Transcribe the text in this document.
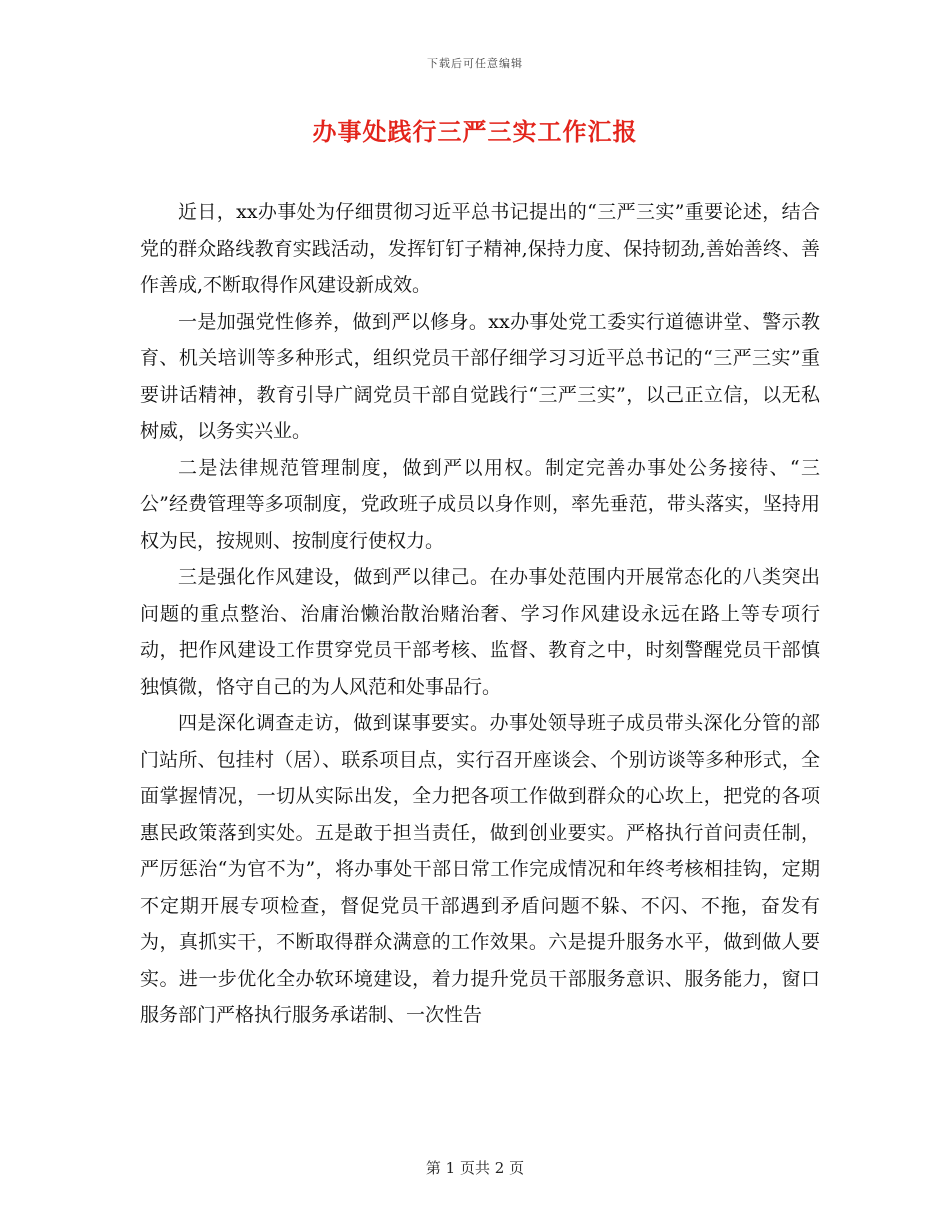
下载后可任意编辑
办事处践行三严三实工作汇报

近日，xx办事处为仔细贯彻习近平总书记提出的“三严三实”重要论述，结合党的群众路线教育实践活动，发挥钉钉子精神,保持力度、保持韧劲,善始善终、善作善成,不断取得作风建设新成效。

一是加强党性修养，做到严以修身。xx办事处党工委实行道德讲堂、警示教育、机关培训等多种形式，组织党员干部仔细学习习近平总书记的“三严三实”重要讲话精神，教育引导广阔党员干部自觉践行“三严三实”，以己正立信，以无私树威，以务实兴业。

二是法律规范管理制度，做到严以用权。制定完善办事处公务接待、“三公”经费管理等多项制度，党政班子成员以身作则，率先垂范，带头落实，坚持用权为民，按规则、按制度行使权力。

三是强化作风建设，做到严以律己。在办事处范围内开展常态化的八类突出问题的重点整治、治庸治懒治散治赌治奢、学习作风建设永远在路上等专项行动，把作风建设工作贯穿党员干部考核、监督、教育之中，时刻警醒党员干部慎独慎微，恪守自己的为人风范和处事品行。

四是深化调查走访，做到谋事要实。办事处领导班子成员带头深化分管的部门站所、包挂村（居）、联系项目点，实行召开座谈会、个别访谈等多种形式，全面掌握情况，一切从实际出发，全力把各项工作做到群众的心坎上，把党的各项惠民政策落到实处。五是敢于担当责任，做到创业要实。严格执行首问责任制，严厉惩治“为官不为”，将办事处干部日常工作完成情况和年终考核相挂钩，定期不定期开展专项检查，督促党员干部遇到矛盾问题不躲、不闪、不拖，奋发有为，真抓实干，不断取得群众满意的工作效果。六是提升服务水平，做到做人要实。进一步优化全办软环境建设，着力提升党员干部服务意识、服务能力，窗口服务部门严格执行服务承诺制、一次性告

第 1 页共 2 页
